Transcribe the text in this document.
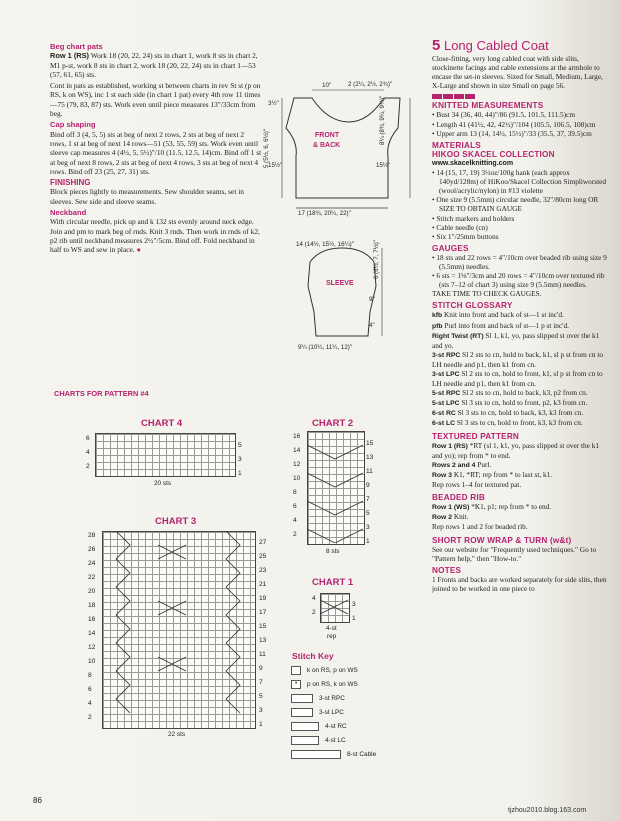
Beg chart pats

Row 1 (RS) Work 18 (20, 22, 24) sts in chart 1, work 8 sts in chart 2, M1 p-st, work 8 sts in chart 2, work 18 (20, 22, 24) sts in chart 1—53 (57, 61, 65) sts.

Cont in pats as established, working st between charts in rev St st (p on RS, k on WS), inc 1 st each side (in chart 1 pat) every 4th row 11 times—75 (79, 83, 87) sts. Work even until piece measures 13"/33cm from beg.

Cap shaping

Bind off 3 (4, 5, 5) sts at beg of next 2 rows, 2 sts at beg of next 2 rows, 1 st at beg of next 14 rows—51 (53, 55, 59) sts. Work even until sleeve cap measures 4 (4½, 5, 5½)"/10 (11.5, 12.5, 14)cm. Bind off 1 st at beg of next 8 rows, 2 sts at beg of next 4 rows, 3 sts at beg of next 4 rows. Bind off 23 (25, 27, 31) sts.

FINISHING

Block pieces lightly to measurements. Sew shoulder seams, set in sleeves. Sew side and sleeve seams.

Neckband

With circular needle, pick up and k 132 sts evenly around neck edge. Join and pm to mark beg of rnds. Knit 3 rnds. Then work in rnds of k2, p2 rib until neckband measures 2½"/5cm. Bind off. Fold neckband in half to WS and sew in place. ●

CHARTS FOR PATTERN #4
10"	2 (2¼, 2½, 2¾)"
3½"
5 (5½, 6, 6½)"
15½"
8¼ (8¾, 9¼, 9¾)"
15½"
FRONT
& BACK
17 (18¾, 20¼, 22)"
14 (14½, 15½, 16¼)"	6 (6½, 7, 7½)"
SLEEVE
9"
4"
9¼ (10¼, 11¼, 12)"
CHART 4
6
4
2
5
3
1
20 sts
CHART 3
28
26
24
22
20
18
16
14
12
10
8
6
4
2
27
25
23
21
19
17
15
13
11
9
7
5
3
1
22 sts
CHART 2
16
14
12
10
8
6
4
2
15
13
11
9
7
5
3
1
8 sts
CHART 1
4
2
3
1
4-st
rep
Stitch Key
k on RS, p on WS
• p on RS, k on WS
3-st RPC
3-st LPC
4-st RC
4-st LC
8-st Cable
5 Long Cabled Coat

Close-fitting, very long cabled coat with side slits, stockinette facings and cable extensions at the armhole to encase the set-in sleeves. Sized for Small, Medium, Large, X-Large and shown in size Small on page 56.

KNITTED MEASUREMENTS
• Bust 34 (36, 40, 44)"/86 (91.5, 101.5, 111.5)cm
• Length 41 (41½, 42, 42½)"/104 (105.5, 106.5, 108)cm
• Upper arm 13 (14, 14½, 15½)"/33 (35.5, 37, 39.5)cm
MATERIALS
HIKOO SKACEL COLLECTION
www.skacelknitting.com
• 14 (15, 17, 19) 3½oz/100g hank (each approx 140yd/128m) of HiKoo/Skacel Collection Simpliworsted (wool/acrylic/nylon) in #13 violette
• One size 9 (5.5mm) circular needle, 32"/80cm long OR SIZE TO OBTAIN GAUGE
• Stitch markers and holders
• Cable needle (cn)
• Six 1"/25mm buttons
GAUGES
• 18 sts and 22 rows = 4"/10cm over beaded rib using size 9 (5.5mm) needles.
• 6 sts = 1⅛"/3cm and 20 rows = 4"/10cm over textured rib (sts 7–12 of chart 3) using size 9 (5.5mm) needles.
TAKE TIME TO CHECK GAUGES.
STITCH GLOSSARY
kfb Knit into front and back of st—1 st inc'd.
pfb Purl into front and back of st—1 p st inc'd.
Right Twist (RT) Sl 1, k1, yo, pass slipped st over the k1 and yo.
3-st RPC Sl 2 sts to cn, hold to back, k1, sl p st from cn to LH needle and p1, then k1 from cn.
3-st LPC Sl 2 sts to cn, hold to front, k1, sl p st from cn to LH needle and p1, then k1 from cn.
5-st RPC Sl 2 sts to cn, hold to back, k3, p2 from cn.
5-st LPC Sl 3 sts to cn, hold to front, p2, k3 from cn.
6-st RC Sl 3 sts to cn, hold to back, k3, k3 from cn.
6-st LC Sl 3 sts to cn, hold to front, k3, k3 from cn.
TEXTURED PATTERN
Row 1 (RS) *RT (sl 1, k1, yo, pass slipped st over the k1 and yo); rep from * to end.
Rows 2 and 4 Purl.
Row 3 K1, *RT; rep from * to last st, k1.
Rep rows 1–4 for textured pat.
BEADED RIB
Row 1 (WS) *K1, p1; rep from * to end.
Row 2 Knit.
Rep rows 1 and 2 for beaded rib.
SHORT ROW WRAP & TURN (w&t)

See our website for "Frequently used techniques." Go to "Pattern help," then "How-to."

NOTES

1 Fronts and backs are worked separately for side slits, then joined to be worked in one piece to

86
tjzhou2010.blog.163.com
